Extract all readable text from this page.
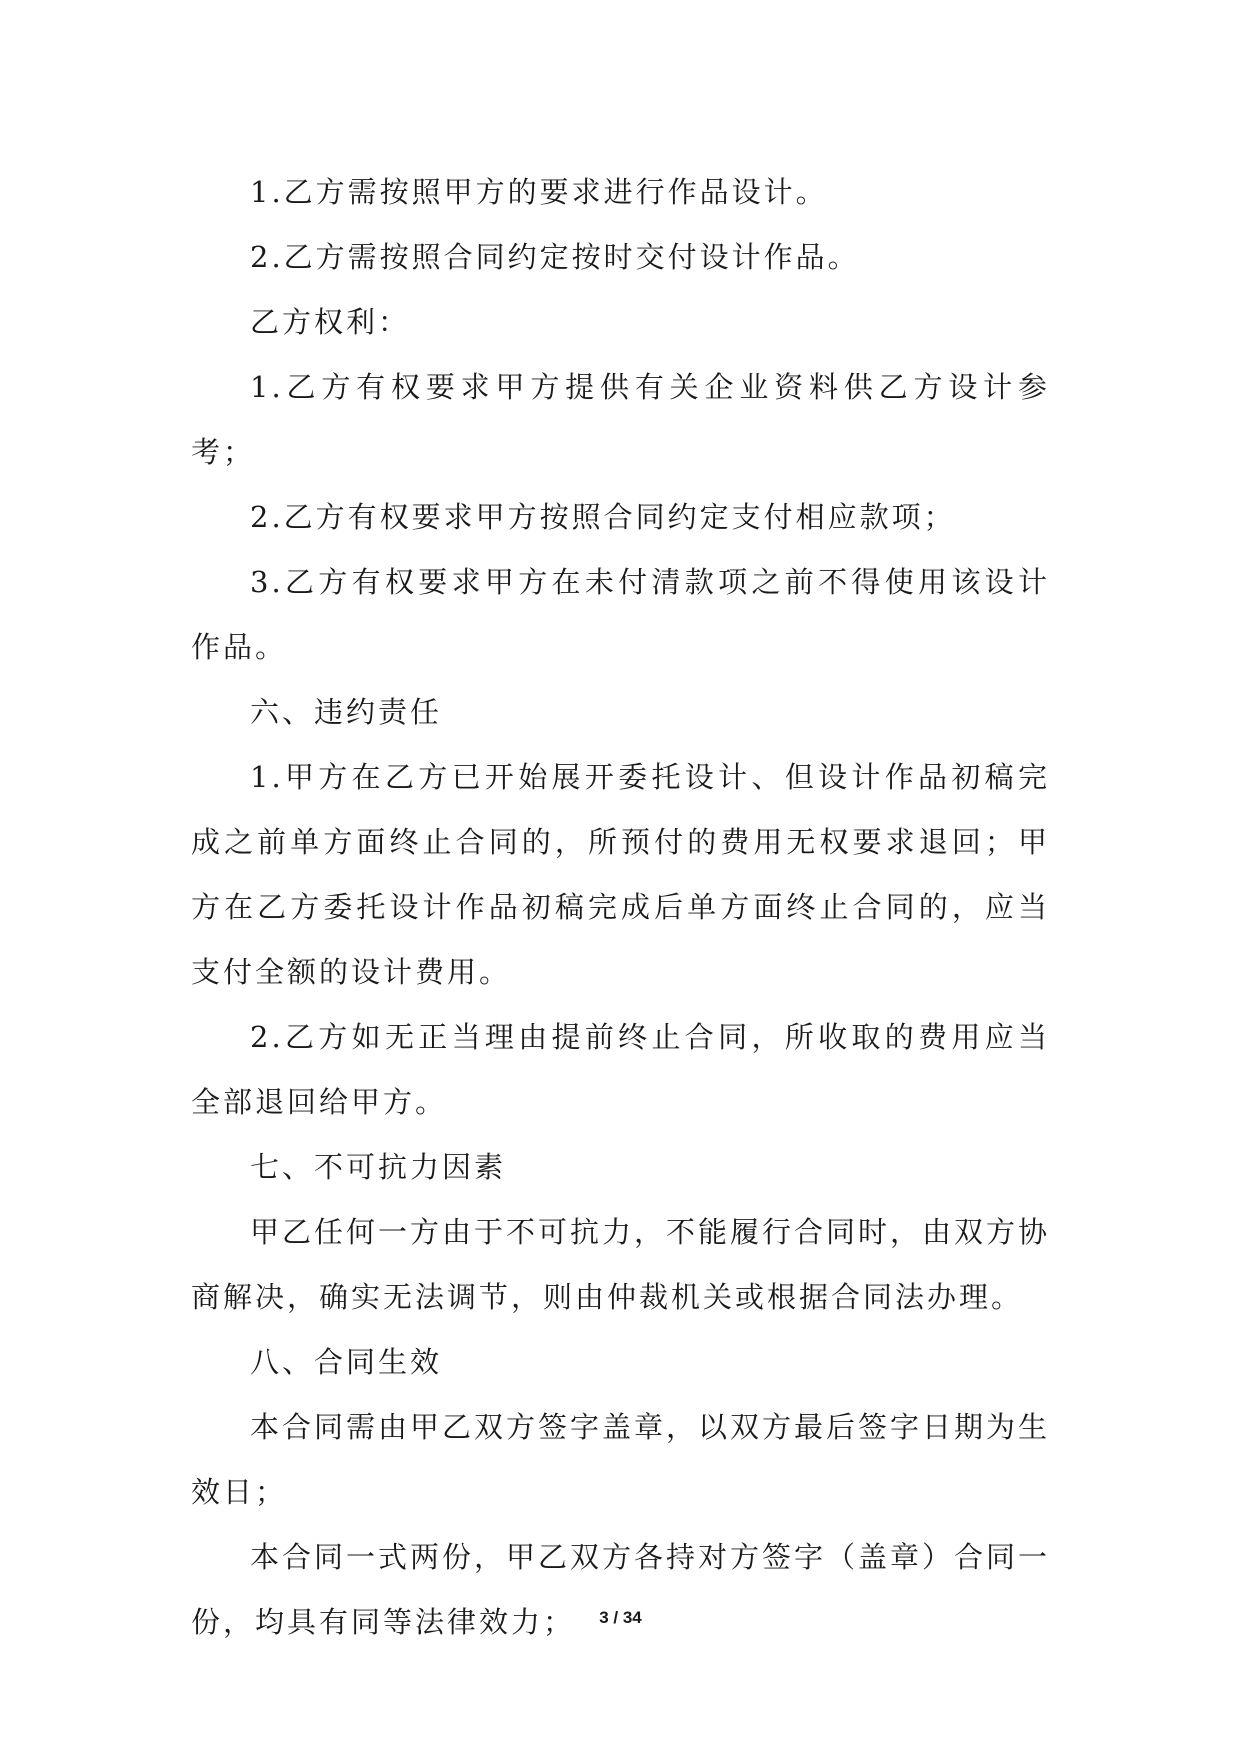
1.乙方需按照甲方的要求进行作品设计。

2.乙方需按照合同约定按时交付设计作品。

乙方权利：

1.乙方有权要求甲方提供有关企业资料供乙方设计参考；

2.乙方有权要求甲方按照合同约定支付相应款项；

3.乙方有权要求甲方在未付清款项之前不得使用该设计作品。

六、违约责任

1.甲方在乙方已开始展开委托设计、但设计作品初稿完成之前单方面终止合同的，所预付的费用无权要求退回；甲方在乙方委托设计作品初稿完成后单方面终止合同的，应当支付全额的设计费用。

2.乙方如无正当理由提前终止合同，所收取的费用应当全部退回给甲方。

七、不可抗力因素

甲乙任何一方由于不可抗力，不能履行合同时，由双方协商解决，确实无法调节，则由仲裁机关或根据合同法办理。

八、合同生效

本合同需由甲乙双方签字盖章，以双方最后签字日期为生效日；

本合同一式两份，甲乙双方各持对方签字（盖章）合同一份，均具有同等法律效力；	3 / 34
